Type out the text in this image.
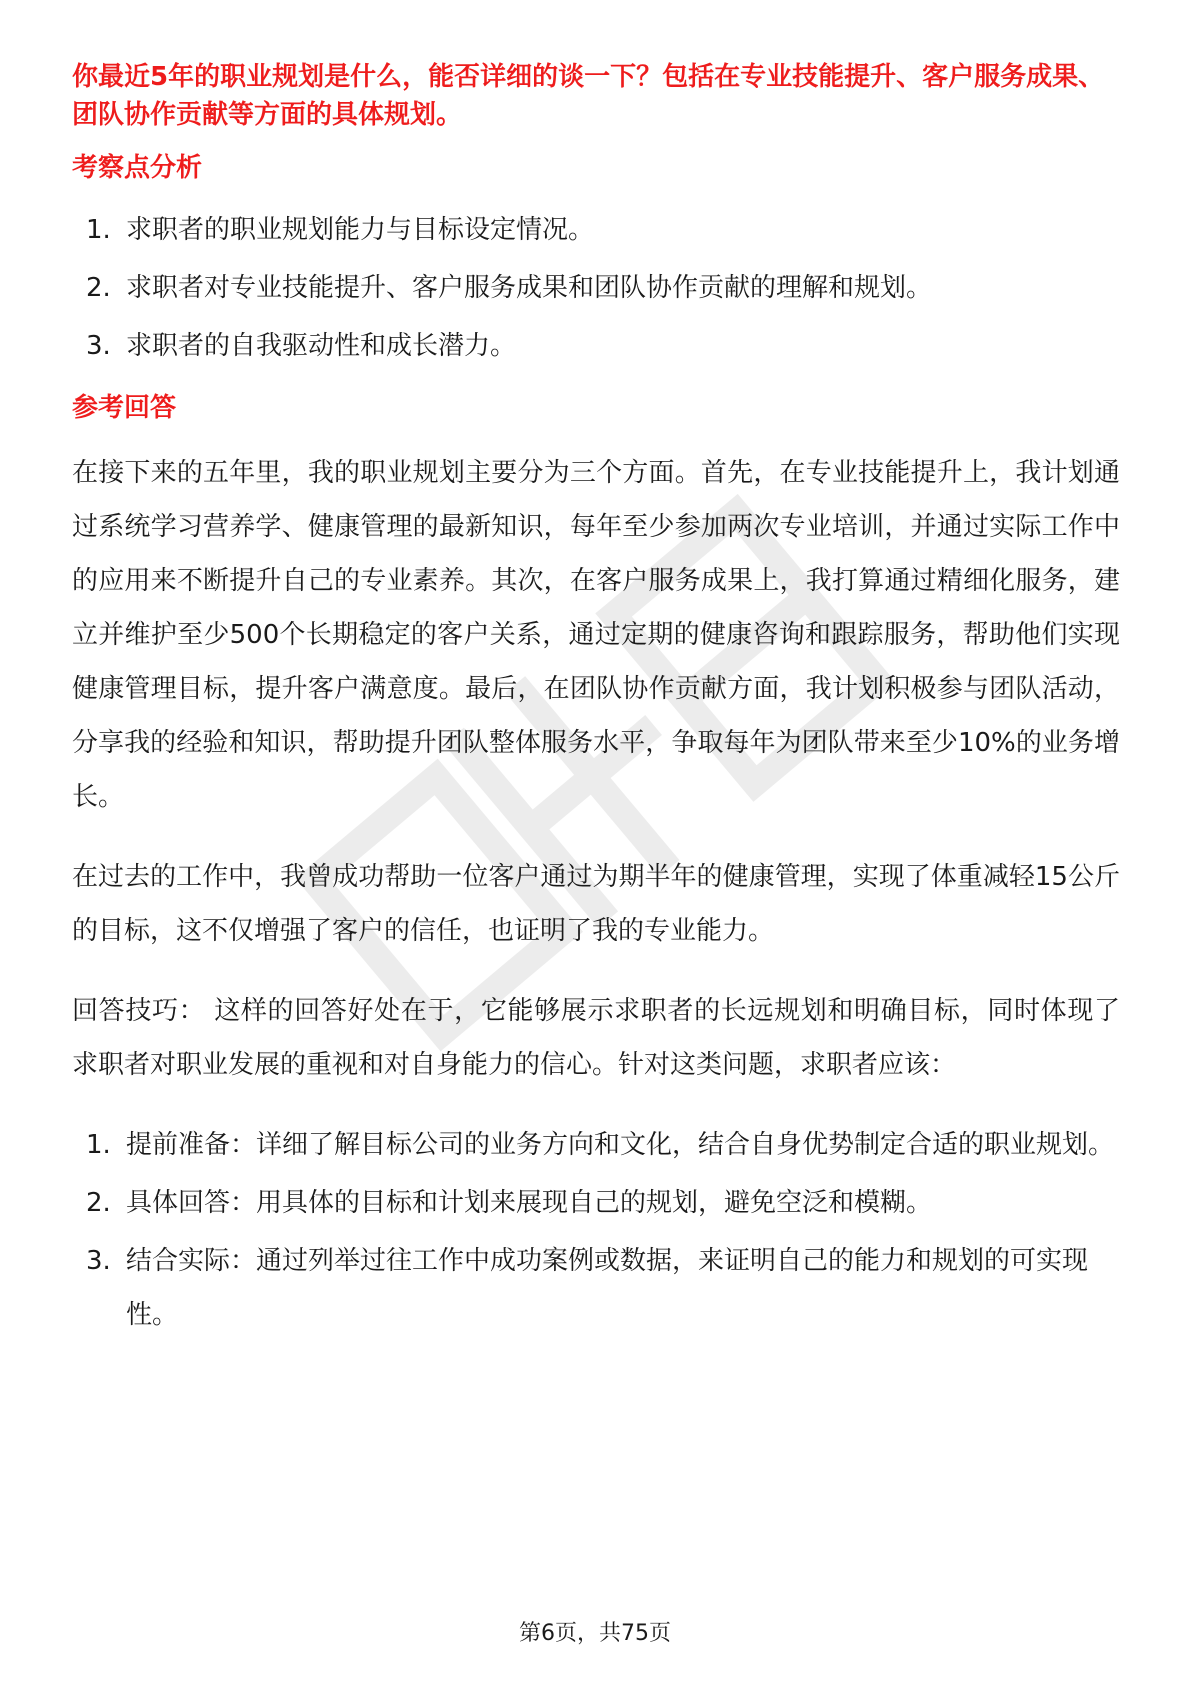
你最近5年的职业规划是什么，能否详细的谈一下？包括在专业技能提升、客户服务成果、团队协作贡献等方面的具体规划。

考察点分析
1. 求职者的职业规划能力与目标设定情况。
2. 求职者对专业技能提升、客户服务成果和团队协作贡献的理解和规划。
3. 求职者的自我驱动性和成长潜力。
参考回答

在接下来的五年里，我的职业规划主要分为三个方面。首先，在专业技能提升上，我计划通过系统学习营养学、健康管理的最新知识，每年至少参加两次专业培训，并通过实际工作中的应用来不断提升自己的专业素养。其次，在客户服务成果上，我打算通过精细化服务，建立并维护至少500个长期稳定的客户关系，通过定期的健康咨询和跟踪服务，帮助他们实现健康管理目标，提升客户满意度。最后，在团队协作贡献方面，我计划积极参与团队活动，分享我的经验和知识，帮助提升团队整体服务水平，争取每年为团队带来至少10%的业务增长。

在过去的工作中，我曾成功帮助一位客户通过为期半年的健康管理，实现了体重减轻15公斤的目标，这不仅增强了客户的信任，也证明了我的专业能力。

回答技巧： 这样的回答好处在于，它能够展示求职者的长远规划和明确目标，同时体现了求职者对职业发展的重视和对自身能力的信心。针对这类问题，求职者应该：

1. 提前准备：详细了解目标公司的业务方向和文化，结合自身优势制定合适的职业规划。
2. 具体回答：用具体的目标和计划来展现自己的规划，避免空泛和模糊。
3. 结合实际：通过列举过往工作中成功案例或数据，来证明自己的能力和规划的可实现性。
第6页，共75页
